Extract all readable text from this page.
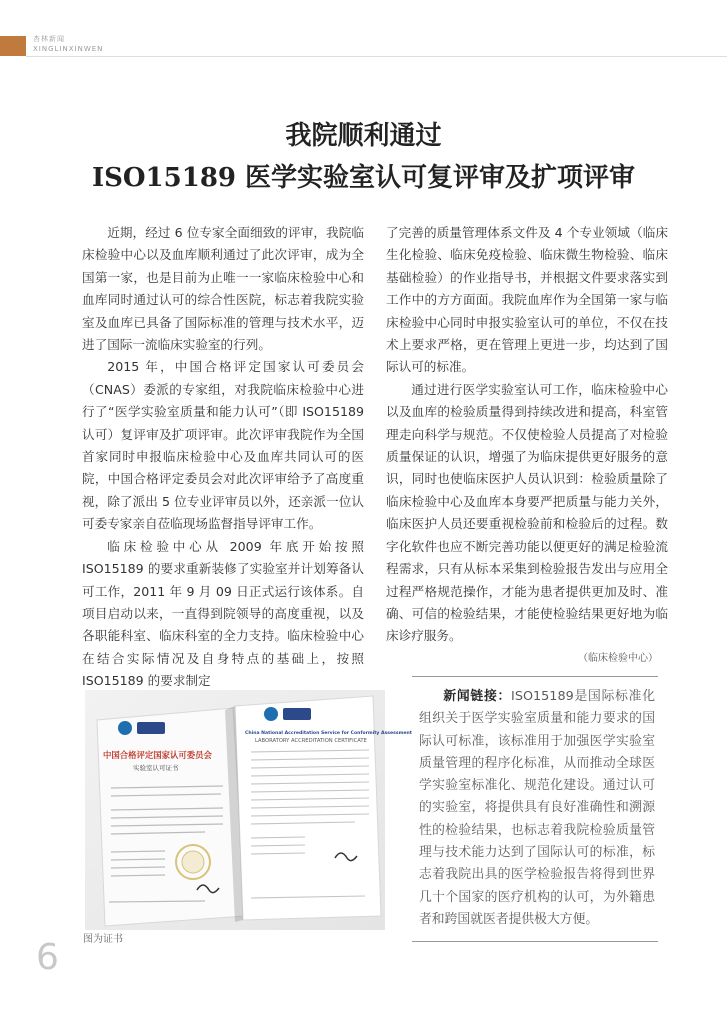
杏林新闻
XINGLINXINWEN
我院顺利通过
ISO15189 医学实验室认可复评审及扩项评审

近期，经过 6 位专家全面细致的评审，我院临床检验中心以及血库顺利通过了此次评审，成为全国第一家，也是目前为止唯一一家临床检验中心和血库同时通过认可的综合性医院，标志着我院实验室及血库已具备了国际标准的管理与技术水平，迈进了国际一流临床实验室的行列。

2015 年，中国合格评定国家认可委员会（CNAS）委派的专家组，对我院临床检验中心进行了“医学实验室质量和能力认可”（即 ISO15189 认可）复评审及扩项评审。此次评审我院作为全国首家同时申报临床检验中心及血库共同认可的医院，中国合格评定委员会对此次评审给予了高度重视，除了派出 5 位专业评审员以外，还亲派一位认可委专家亲自莅临现场监督指导评审工作。

临床检验中心从 2009 年底开始按照 ISO15189 的要求重新装修了实验室并计划筹备认可工作，2011 年 9 月 09 日正式运行该体系。自项目启动以来，一直得到院领导的高度重视，以及各职能科室、临床科室的全力支持。临床检验中心在结合实际情况及自身特点的基础上，按照 ISO15189 的要求制定

了完善的质量管理体系文件及 4 个专业领域（临床生化检验、临床免疫检验、临床微生物检验、临床基础检验）的作业指导书，并根据文件要求落实到工作中的方方面面。我院血库作为全国第一家与临床检验中心同时申报实验室认可的单位，不仅在技术上要求严格，更在管理上更进一步，均达到了国际认可的标准。

通过进行医学实验室认可工作，临床检验中心以及血库的检验质量得到持续改进和提高，科室管理走向科学与规范。不仅使检验人员提高了对检验质量保证的认识，增强了为临床提供更好服务的意识，同时也使临床医护人员认识到：检验质量除了临床检验中心及血库本身要严把质量与能力关外，临床医护人员还要重视检验前和检验后的过程。数字化软件也应不断完善功能以便更好的满足检验流程需求，只有从标本采集到检验报告发出与应用全过程严格规范操作，才能为患者提供更加及时、准确、可信的检验结果，才能使检验结果更好地为临床诊疗服务。

（临床检验中心）

新闻链接：ISO15189是国际标准化组织关于医学实验室质量和能力要求的国际认可标准，该标准用于加强医学实验室质量管理的程序化标准，从而推动全球医学实验室标准化、规范化建设。通过认可的实验室，将提供具有良好准确性和溯源性的检验结果，也标志着我院检验质量管理与技术能力达到了国际认可的标准，标志着我院出具的医学检验报告将得到世界几十个国家的医疗机构的认可，为外籍患者和跨国就医者提供极大方便。

中国合格评定国家认可委员会
实验室认可证书
China National Accreditation Service for Conformity Assessment
LABORATORY ACCREDITATION CERTIFICATE
图为证书
6
